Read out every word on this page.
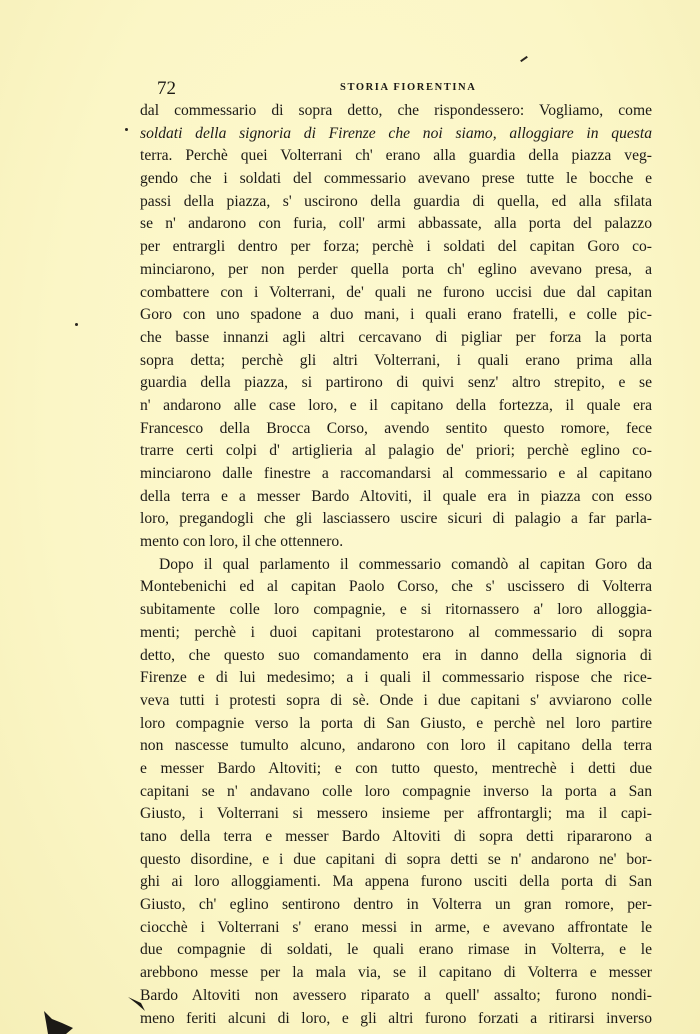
72	STORIA FIORENTINA
dal commessario di sopra detto, che rispondessero: Vogliamo, come
soldati della signoria di Firenze che noi siamo, alloggiare in questa
terra. Perchè quei Volterrani ch' erano alla guardia della piazza veg-
gendo che i soldati del commessario avevano prese tutte le bocche e
passi della piazza, s' uscirono della guardia di quella, ed alla sfilata
se n' andarono con furia, coll' armi abbassate, alla porta del palazzo
per entrargli dentro per forza; perchè i soldati del capitan Goro co-
minciarono, per non perder quella porta ch' eglino avevano presa, a
combattere con i Volterrani, de' quali ne furono uccisi due dal capitan
Goro con uno spadone a duo mani, i quali erano fratelli, e colle pic-
che basse innanzi agli altri cercavano di pigliar per forza la porta
sopra detta; perchè gli altri Volterrani, i quali erano prima alla
guardia della piazza, si partirono di quivi senz' altro strepito, e se
n' andarono alle case loro, e il capitano della fortezza, il quale era
Francesco della Brocca Corso, avendo sentito questo romore, fece
trarre certi colpi d' artiglieria al palagio de' priori; perchè eglino co-
minciarono dalle finestre a raccomandarsi al commessario e al capitano
della terra e a messer Bardo Altoviti, il quale era in piazza con esso
loro, pregandogli che gli lasciassero uscire sicuri di palagio a far parla-
mento con loro, il che ottennero.
Dopo il qual parlamento il commessario comandò al capitan Goro da
Montebenichi ed al capitan Paolo Corso, che s' uscissero di Volterra
subitamente colle loro compagnie, e si ritornassero a' loro alloggia-
menti; perchè i duoi capitani protestarono al commessario di sopra
detto, che questo suo comandamento era in danno della signoria di
Firenze e di lui medesimo; a i quali il commessario rispose che rice-
veva tutti i protesti sopra di sè. Onde i due capitani s' avviarono colle
loro compagnie verso la porta di San Giusto, e perchè nel loro partire
non nascesse tumulto alcuno, andarono con loro il capitano della terra
e messer Bardo Altoviti; e con tutto questo, mentrechè i detti due
capitani se n' andavano colle loro compagnie inverso la porta a San
Giusto, i Volterrani si messero insieme per affrontargli; ma il capi-
tano della terra e messer Bardo Altoviti di sopra detti ripararono a
questo disordine, e i due capitani di sopra detti se n' andarono ne' bor-
ghi ai loro alloggiamenti. Ma appena furono usciti della porta di San
Giusto, ch' eglino sentirono dentro in Volterra un gran romore, per-
ciocchè i Volterrani s' erano messi in arme, e avevano affrontate le
due compagnie di soldati, le quali erano rimase in Volterra, e le
arebbono messe per la mala via, se il capitano di Volterra e messer
Bardo Altoviti non avessero riparato a quell' assalto; furono nondi-
meno feriti alcuni di loro, e gli altri furono forzati a ritirarsi inverso
